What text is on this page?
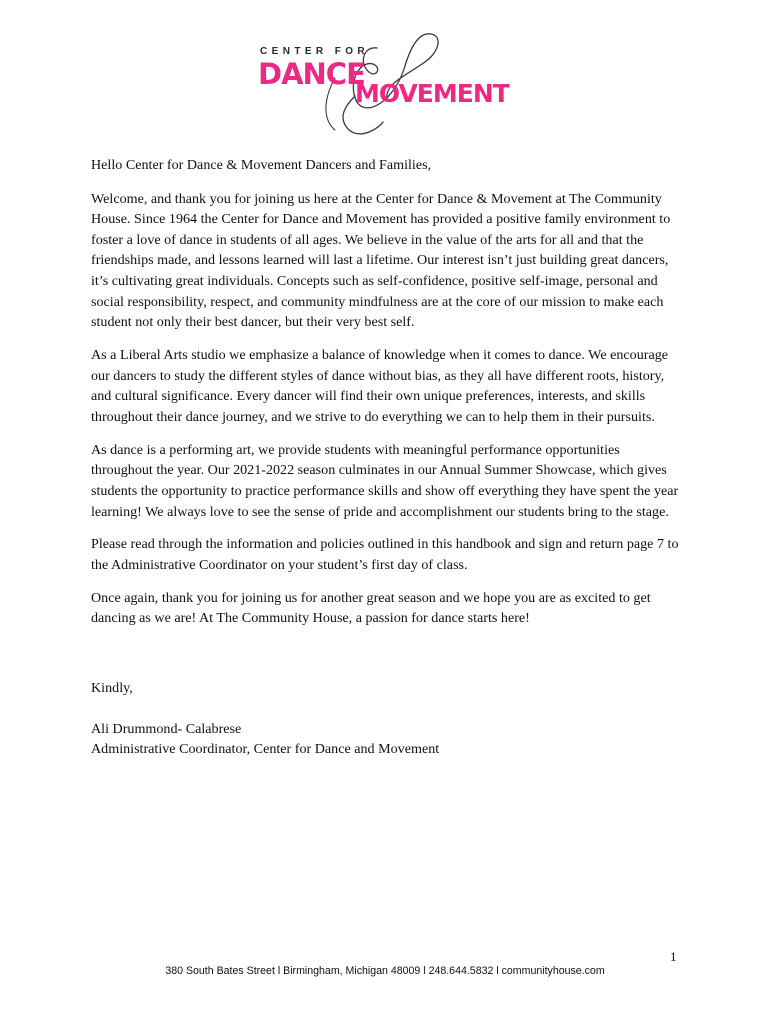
CENTER FOR
DANCE
MOVEMENT

Hello Center for Dance & Movement Dancers and Families,

Welcome, and thank you for joining us here at the Center for Dance & Movement at The Community House. Since 1964 the Center for Dance and Movement has provided a positive family environment to foster a love of dance in students of all ages. We believe in the value of the arts for all and that the friendships made, and lessons learned will last a lifetime. Our interest isn’t just building great dancers, it’s cultivating great individuals. Concepts such as self-confidence, positive self-image, personal and social responsibility, respect, and community mindfulness are at the core of our mission to make each student not only their best dancer, but their very best self.

As a Liberal Arts studio we emphasize a balance of knowledge when it comes to dance. We encourage our dancers to study the different styles of dance without bias, as they all have different roots, history, and cultural significance. Every dancer will find their own unique preferences, interests, and skills throughout their dance journey, and we strive to do everything we can to help them in their pursuits.

As dance is a performing art, we provide students with meaningful performance opportunities throughout the year. Our 2021-2022 season culminates in our Annual Summer Showcase, which gives students the opportunity to practice performance skills and show off everything they have spent the year learning! We always love to see the sense of pride and accomplishment our students bring to the stage.

Please read through the information and policies outlined in this handbook and sign and return page 7 to the Administrative Coordinator on your student’s first day of class.

Once again, thank you for joining us for another great season and we hope you are as excited to get dancing as we are! At The Community House, a passion for dance starts here!

Kindly,

Ali Drummond- Calabrese
Administrative Coordinator, Center for Dance and Movement

1
380 South Bates Street l Birmingham, Michigan 48009 l 248.644.5832 l communityhouse.com
